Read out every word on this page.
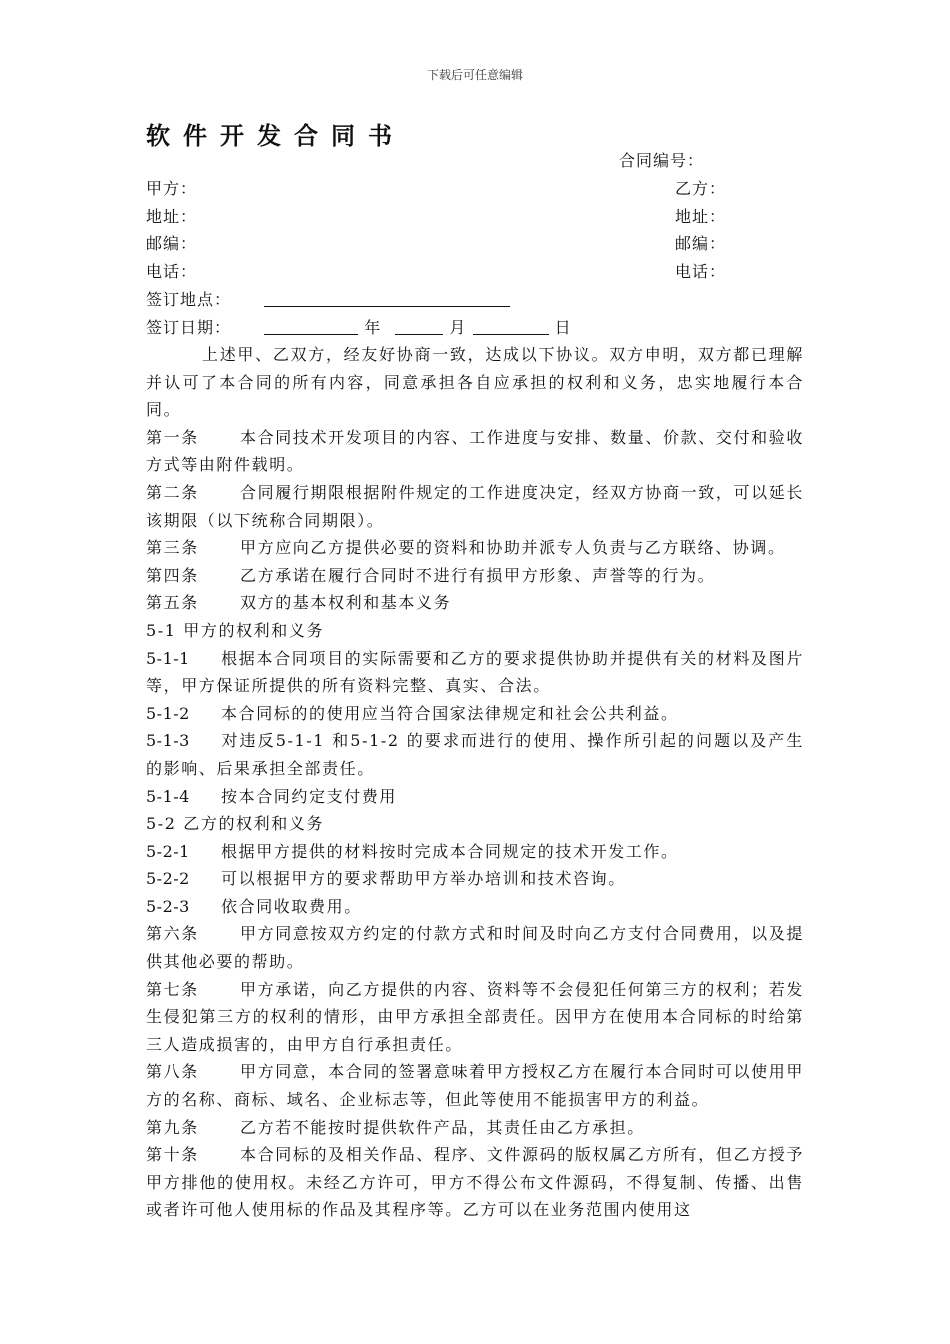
下载后可任意编辑
软件开发合同书
合同编号：
甲方：	乙方：
地址：	地址：
邮编：	邮编：
电话：	电话：
签订地点：
签订日期：	年	月	日

上述甲、乙双方，经友好协商一致，达成以下协议。双方申明，双方都已理解并认可了本合同的所有内容，同意承担各自应承担的权利和义务，忠实地履行本合同。

第一条	本合同技术开发项目的内容、工作进度与安排、数量、价款、交付和验收方式等由附件载明。

第二条	合同履行期限根据附件规定的工作进度决定，经双方协商一致，可以延长该期限（以下统称合同期限）。

第三条	甲方应向乙方提供必要的资料和协助并派专人负责与乙方联络、协调。

第四条	乙方承诺在履行合同时不进行有损甲方形象、声誉等的行为。

第五条	双方的基本权利和基本义务

5-1 甲方的权利和义务

5-1-1 根据本合同项目的实际需要和乙方的要求提供协助并提供有关的材料及图片等，甲方保证所提供的所有资料完整、真实、合法。

5-1-2 本合同标的的使用应当符合国家法律规定和社会公共利益。

5-1-3 对违反5-1-1 和5-1-2 的要求而进行的使用、操作所引起的问题以及产生的影响、后果承担全部责任。

5-1-4 按本合同约定支付费用

5-2 乙方的权利和义务

5-2-1 根据甲方提供的材料按时完成本合同规定的技术开发工作。

5-2-2 可以根据甲方的要求帮助甲方举办培训和技术咨询。

5-2-3 依合同收取费用。

第六条	甲方同意按双方约定的付款方式和时间及时向乙方支付合同费用，以及提供其他必要的帮助。

第七条	甲方承诺，向乙方提供的内容、资料等不会侵犯任何第三方的权利；若发生侵犯第三方的权利的情形，由甲方承担全部责任。因甲方在使用本合同标的时给第三人造成损害的，由甲方自行承担责任。

第八条	甲方同意，本合同的签署意味着甲方授权乙方在履行本合同时可以使用甲方的名称、商标、域名、企业标志等，但此等使用不能损害甲方的利益。

第九条	乙方若不能按时提供软件产品，其责任由乙方承担。

第十条	本合同标的及相关作品、程序、文件源码的版权属乙方所有，但乙方授予甲方排他的使用权。未经乙方许可，甲方不得公布文件源码，不得复制、传播、出售或者许可他人使用标的作品及其程序等。乙方可以在业务范围内使用这
